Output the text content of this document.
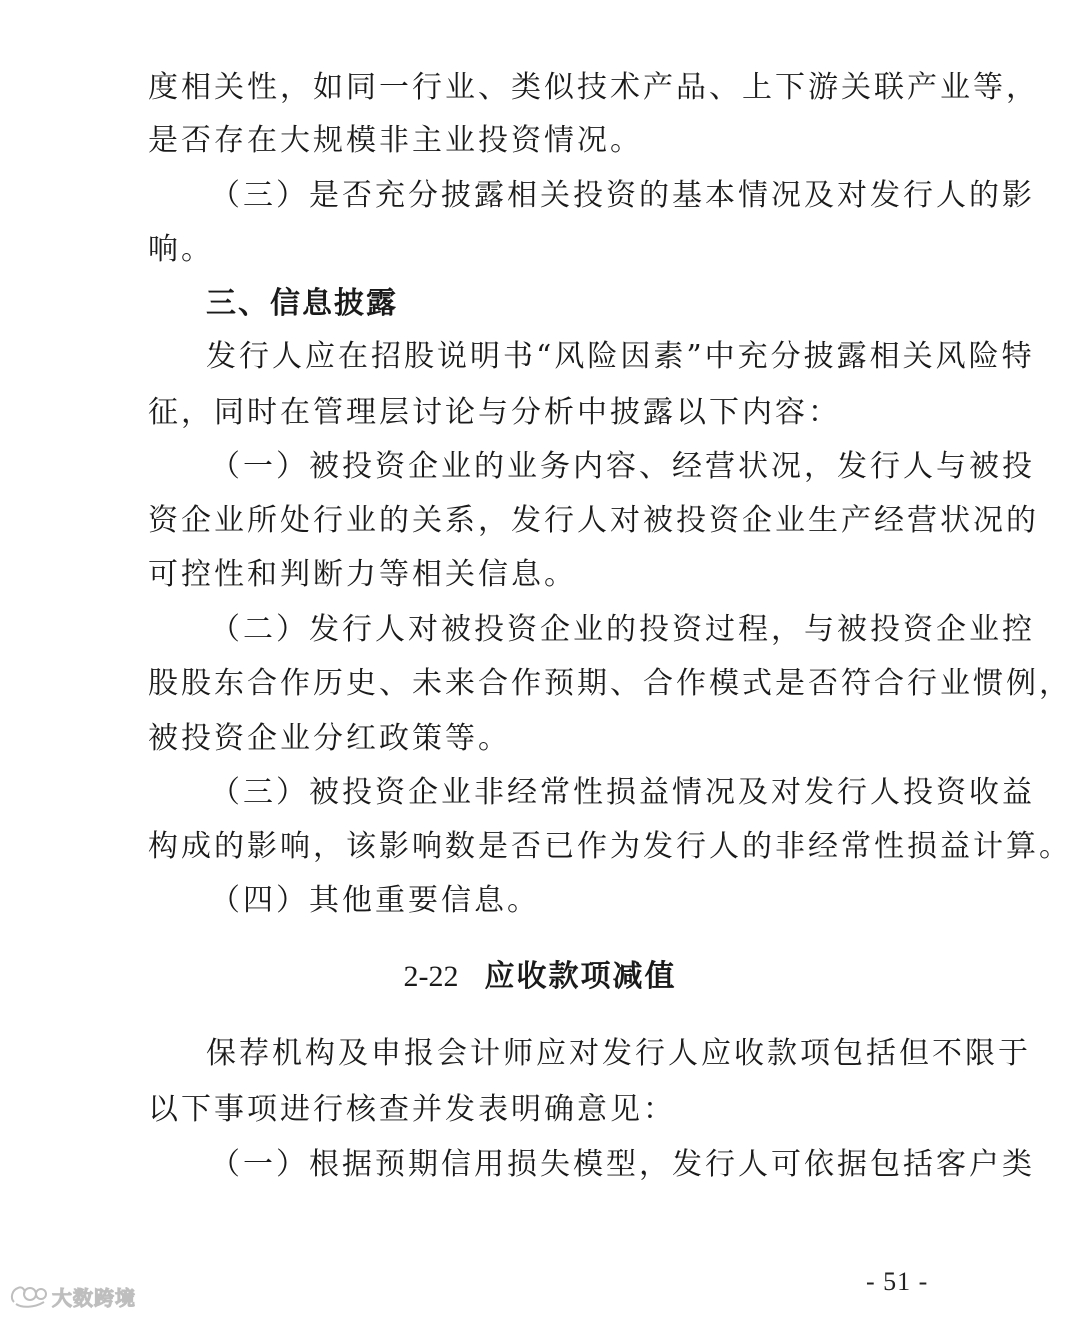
度相关性，如同一行业、类似技术产品、上下游关联产业等，
是否存在大规模非主业投资情况。
（三）是否充分披露相关投资的基本情况及对发行人的影
响。
三、信息披露
发行人应在招股说明书“风险因素”中充分披露相关风险特
征，同时在管理层讨论与分析中披露以下内容：
（一）被投资企业的业务内容、经营状况，发行人与被投
资企业所处行业的关系，发行人对被投资企业生产经营状况的
可控性和判断力等相关信息。
（二）发行人对被投资企业的投资过程，与被投资企业控
股股东合作历史、未来合作预期、合作模式是否符合行业惯例，
被投资企业分红政策等。
（三）被投资企业非经常性损益情况及对发行人投资收益
构成的影响，该影响数是否已作为发行人的非经常性损益计算。
（四）其他重要信息。
2-22 应收款项减值
保荐机构及申报会计师应对发行人应收款项包括但不限于
以下事项进行核查并发表明确意见：
（一）根据预期信用损失模型，发行人可依据包括客户类
- 51 -
大数跨境
